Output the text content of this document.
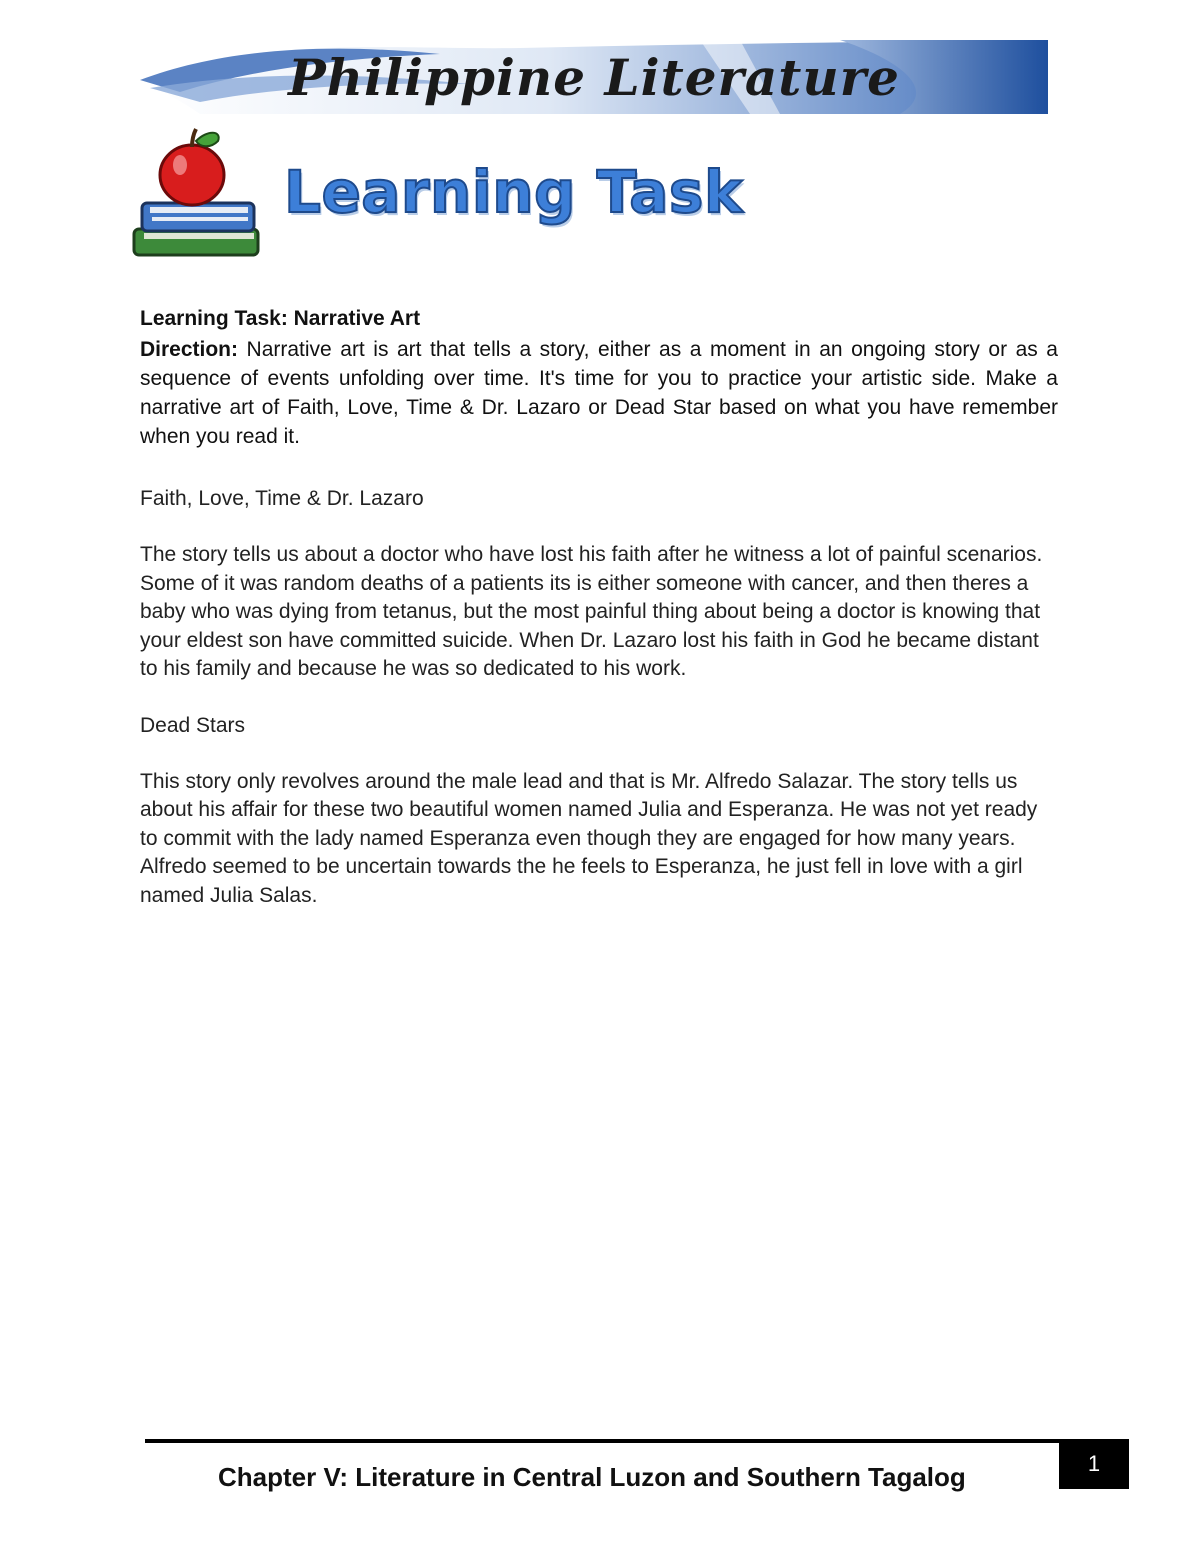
Philippine Literature
Learning Task

Learning Task: Narrative Art

Direction: Narrative art is art that tells a story, either as a moment in an ongoing story or as a sequence of events unfolding over time. It's time for you to practice your artistic side. Make a narrative art of Faith, Love, Time & Dr. Lazaro or Dead Star based on what you have remember when you read it.

Faith, Love, Time & Dr. Lazaro

The story tells us about a doctor who have lost his faith after he witness a lot of painful scenarios. Some of it was random deaths of a patients its is either someone with cancer, and then theres a baby who was dying from tetanus, but the most painful thing about being a doctor is knowing that your eldest son have committed suicide. When Dr. Lazaro lost his faith in God he became distant to his family and because he was so dedicated to his work.

Dead Stars

This story only revolves around the male lead and that is Mr. Alfredo Salazar. The story tells us about his affair for these two beautiful women named Julia and Esperanza. He was not yet ready to commit with the lady named Esperanza even though they are engaged for how many years. Alfredo seemed to be uncertain towards the he feels to Esperanza, he just fell in love with a girl named Julia Salas.

Chapter V: Literature in Central Luzon and Southern Tagalog	1
